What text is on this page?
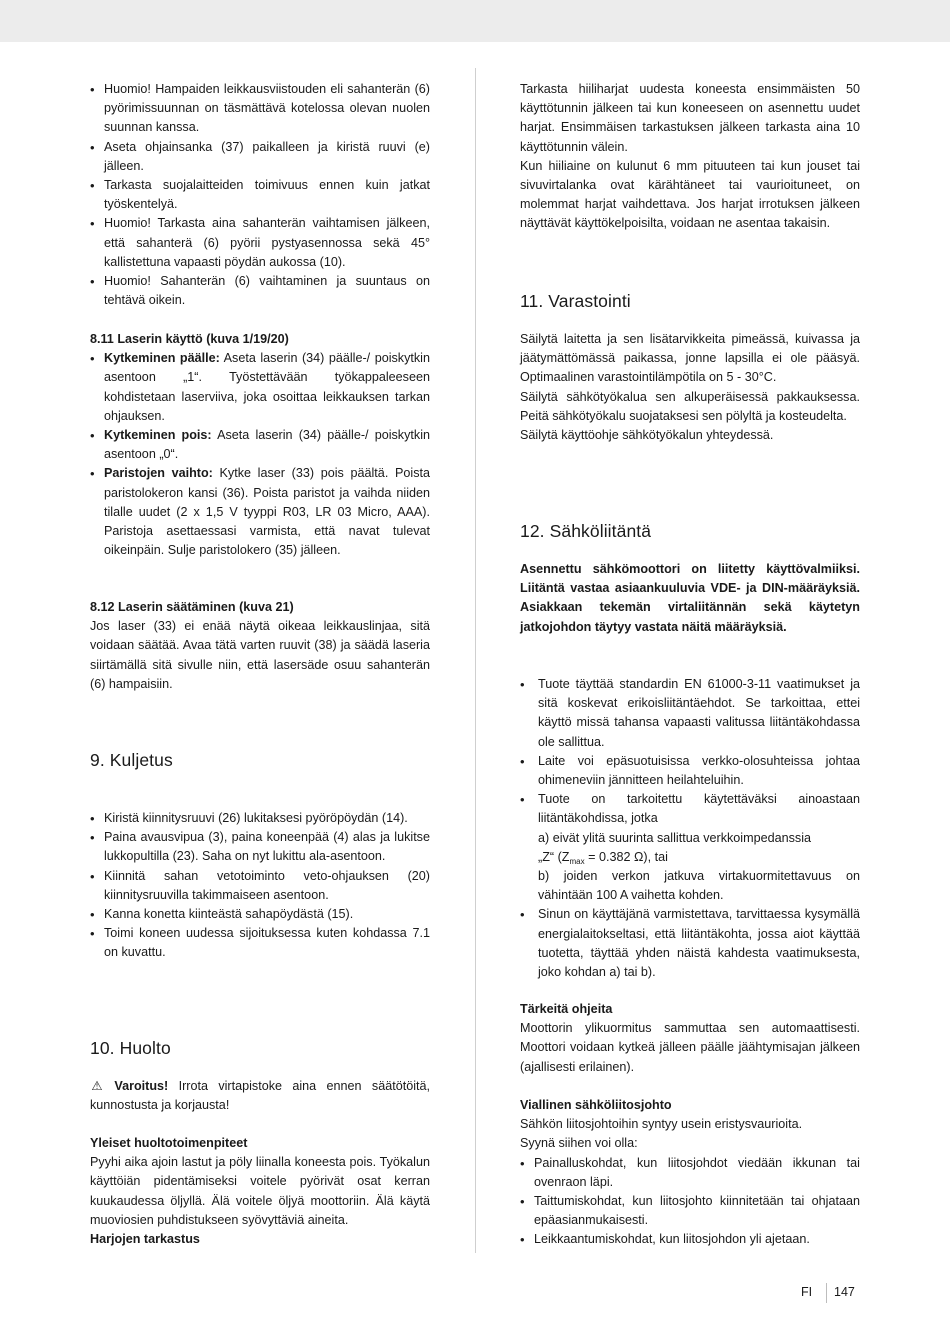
• Huomio! Hampaiden leikkausviistouden eli sahanterän (6) pyörimissuunnan on täsmättävä kotelossa olevan nuolen suunnan kanssa.
• Aseta ohjainsanka (37) paikalleen ja kiristä ruuvi (e) jälleen.
• Tarkasta suojalaitteiden toimivuus ennen kuin jatkat työskentelyä.
• Huomio! Tarkasta aina sahanterän vaihtamisen jälkeen, että sahanterä (6) pyörii pystyasennossa sekä 45° kallistettuna vapaasti pöydän aukossa (10).
• Huomio! Sahanterän (6) vaihtaminen ja suuntaus on tehtävä oikein.

8.11 Laserin käyttö (kuva 1/19/20)

• Kytkeminen päälle: Aseta laserin (34) päälle-/ poiskytkin asentoon „1“. Työstettävään työkappaleeseen kohdistetaan laserviiva, joka osoittaa leikkauksen tarkan ohjauksen.
• Kytkeminen pois: Aseta laserin (34) päälle-/ poiskytkin asentoon „0“.
• Paristojen vaihto: Kytke laser (33) pois päältä. Poista paristolokeron kansi (36). Poista paristot ja vaihda niiden tilalle uudet (2 x 1,5 V tyyppi R03, LR 03 Micro, AAA). Paristoja asettaessasi varmista, että navat tulevat oikeinpäin. Sulje paristolokero (35) jälleen.

8.12 Laserin säätäminen (kuva 21)

Jos laser (33) ei enää näytä oikeaa leikkauslinjaa, sitä voidaan säätää. Avaa tätä varten ruuvit (38) ja säädä laseria siirtämällä sitä sivulle niin, että lasersäde osuu sahanterän (6) hampaisiin.

9. Kuljetus
• Kiristä kiinnitysruuvi (26) lukitaksesi pyöröpöydän (14).
• Paina avausvipua (3), paina koneenpää (4) alas ja lukitse lukkopultilla (23). Saha on nyt lukittu ala-asentoon.
• Kiinnitä sahan vetotoiminto veto-ohjauksen (20) kiinnitysruuvilla takimmaiseen asentoon.
• Kanna konetta kiinteästä sahapöydästä (15).
• Toimi koneen uudessa sijoituksessa kuten kohdassa 7.1 on kuvattu.
10. Huolto

⚠ Varoitus! Irrota virtapistoke aina ennen säätötöitä, kunnostusta ja korjausta!

Yleiset huoltotoimenpiteet

Pyyhi aika ajoin lastut ja pöly liinalla koneesta pois. Työkalun käyttöiän pidentämiseksi voitele pyörivät osat kerran kuukaudessa öljyllä. Älä voitele öljyä moottoriin. Älä käytä muoviosien puhdistukseen syövyttäviä aineita.

Harjojen tarkastus

Tarkasta hiiliharjat uudesta koneesta ensimmäisten 50 käyttötunnin jälkeen tai kun koneeseen on asennettu uudet harjat. Ensimmäisen tarkastuksen jälkeen tarkasta aina 10 käyttötunnin välein.

Kun hiiliaine on kulunut 6 mm pituuteen tai kun jouset tai sivuvirtalanka ovat kärähtäneet tai vaurioituneet, on molemmat harjat vaihdettava. Jos harjat irrotuksen jälkeen näyttävät käyttökelpoisilta, voidaan ne asentaa takaisin.

11. Varastointi

Säilytä laitetta ja sen lisätarvikkeita pimeässä, kuivassa ja jäätymättömässä paikassa, jonne lapsilla ei ole pääsyä. Optimaalinen varastointilämpötila on 5 - 30°C.

Säilytä sähkötyökalua sen alkuperäisessä pakkauksessa. Peitä sähkötyökalu suojataksesi sen pölyltä ja kosteudelta.

Säilytä käyttöohje sähkötyökalun yhteydessä.

12. Sähköliitäntä

Asennettu sähkömoottori on liitetty käyttövalmiiksi. Liitäntä vastaa asiaankuuluvia VDE- ja DIN-määräyksiä. Asiakkaan tekemän virtaliitännän sekä käytetyn jatkojohdon täytyy vastata näitä määräyksiä.

• Tuote täyttää standardin EN 61000-3-11 vaatimukset ja sitä koskevat erikoisliitäntäehdot. Se tarkoittaa, ettei käyttö missä tahansa vapaasti valitussa liitäntäkohdassa ole sallittua.
• Laite voi epäsuotuisissa verkko-olosuhteissa johtaa ohimeneviin jännitteen heilahteluihin.
• Tuote on tarkoitettu käytettäväksi ainoastaan liitäntäkohdissa, jotka
a) eivät ylitä suurinta sallittua verkkoimpedanssia
„Z“ ($Z_{max} = 0.382$ Ω), tai
b) joiden verkon jatkuva virtakuormitettavuus on vähintään 100 A vaihetta kohden.
• Sinun on käyttäjänä varmistettava, tarvittaessa kysymällä energialaitokseltasi, että liitäntäkohta, jossa aiot käyttää tuotetta, täyttää yhden näistä kahdesta vaatimuksesta, joko kohdan a) tai b).

Tärkeitä ohjeita

Moottorin ylikuormitus sammuttaa sen automaattisesti. Moottori voidaan kytkeä jälleen päälle jäähtymisajan jälkeen (ajallisesti erilainen).

Viallinen sähköliitosjohto

Sähkön liitosjohtoihin syntyy usein eristysvaurioita.

Syynä siihen voi olla:

• Painalluskohdat, kun liitosjohdot viedään ikkunan tai ovenraon läpi.
• Taittumiskohdat, kun liitosjohto kiinnitetään tai ohjataan epäasianmukaisesti.
• Leikkaantumiskohdat, kun liitosjohdon yli ajetaan.
FI 147
